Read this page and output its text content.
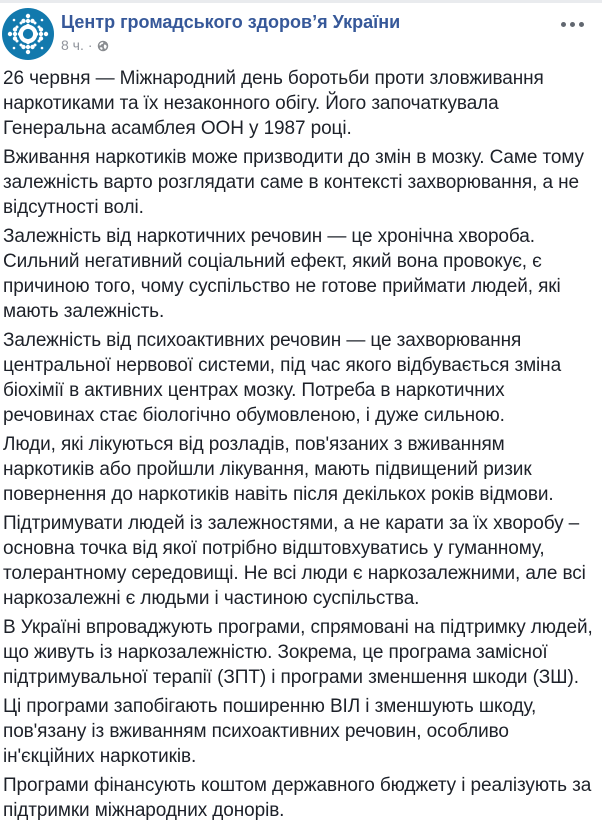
Центр громадського здоров’я України
8 ч. ·

26 червня — Міжнародний день боротьби проти зловживання наркотиками та їх незаконного обігу. Його започаткувала Генеральна асамблея ООН у 1987 році.

Вживання наркотиків може призводити до змін в мозку. Саме тому залежність варто розглядати саме в контексті захворювання, а не відсутності волі.

Залежність від наркотичних речовин — це хронічна хвороба. Сильний негативний соціальний ефект, який вона провокує, є причиною того, чому суспільство не готове приймати людей, які мають залежність.

Залежність від психоактивних речовин — це захворювання центральної нервової системи, під час якого відбувається зміна біохімії в активних центрах мозку. Потреба в наркотичних речовинах стає біологічно обумовленою, і дуже сильною.

Люди, які лікуються від розладів, пов'язаних з вживанням наркотиків або пройшли лікування, мають підвищений ризик повернення до наркотиків навіть після декількох років відмови.

Підтримувати людей із залежностями, а не карати за їх хворобу – основна точка від якої потрібно відштовхуватись у гуманному, толерантному середовищі. Не всі люди є наркозалежними, але всі наркозалежні є людьми і частиною суспільства.

В Україні впроваджують програми, спрямовані на підтримку людей, що живуть із наркозалежністю. Зокрема, це програма замісної підтримувальної терапії (ЗПТ) і програми зменшення шкоди (ЗШ).

Ці програми запобігають поширенню ВІЛ і зменшують шкоду, пов'язану із вживанням психоактивних речовин, особливо ін'єкційних наркотиків.

Програми фінансують коштом державного бюджету і реалізують за підтримки міжнародних донорів.
